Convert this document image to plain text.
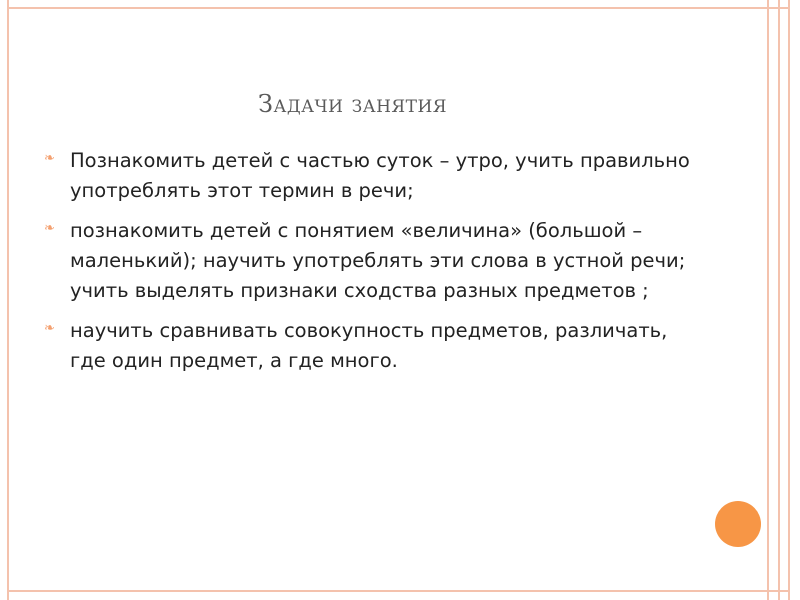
Задачи занятия
❧ Познакомить детей с частью суток – утро, учить правильно употреблять этот термин в речи;
❧ познакомить детей с понятием «величина» (большой – маленький); научить употреблять эти слова в устной речи; учить выделять признаки сходства разных предметов ;
❧ научить сравнивать совокупность предметов, различать, где один предмет, а где много.
